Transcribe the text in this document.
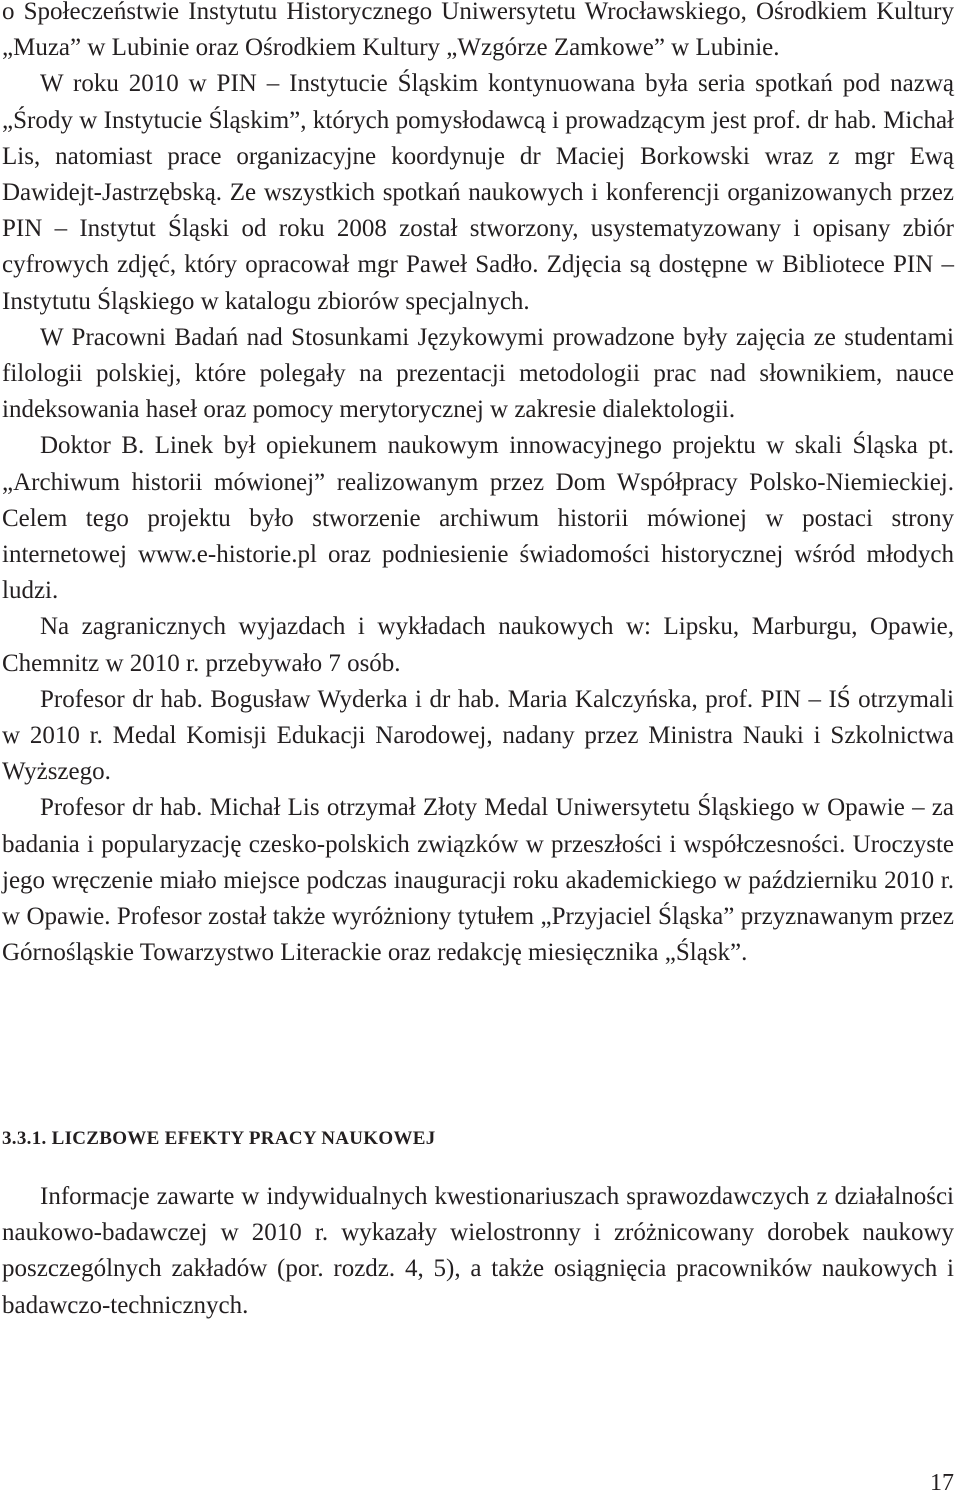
o Społeczeństwie Instytutu Historycznego Uniwersytetu Wrocławskiego, Ośrodkiem Kultury „Muza” w Lubinie oraz Ośrodkiem Kultury „Wzgórze Zamkowe” w Lubinie.

W roku 2010 w PIN – Instytucie Śląskim kontynuowana była seria spotkań pod nazwą „Środy w Instytucie Śląskim”, których pomysłodawcą i prowadzącym jest prof. dr hab. Michał Lis, natomiast prace organizacyjne koordynuje dr Maciej Borkowski wraz z mgr Ewą Dawidejt-Jastrzębską. Ze wszystkich spotkań naukowych i konferencji organizowanych przez PIN – Instytut Śląski od roku 2008 został stworzony, usystematyzowany i opisany zbiór cyfrowych zdjęć, który opracował mgr Paweł Sadło. Zdjęcia są dostępne w Bibliotece PIN – Instytutu Śląskiego w katalogu zbiorów specjalnych.

W Pracowni Badań nad Stosunkami Językowymi prowadzone były zajęcia ze studentami filologii polskiej, które polegały na prezentacji metodologii prac nad słownikiem, nauce indeksowania haseł oraz pomocy merytorycznej w zakresie dialektologii.

Doktor B. Linek był opiekunem naukowym innowacyjnego projektu w skali Śląska pt. „Archiwum historii mówionej” realizowanym przez Dom Współpracy Polsko-Niemieckiej. Celem tego projektu było stworzenie archiwum historii mówionej w postaci strony internetowej www.e-historie.pl oraz podniesienie świadomości historycznej wśród młodych ludzi.

Na zagranicznych wyjazdach i wykładach naukowych w: Lipsku, Marburgu, Opawie, Chemnitz w 2010 r. przebywało 7 osób.

Profesor dr hab. Bogusław Wyderka i dr hab. Maria Kalczyńska, prof. PIN – IŚ otrzymali w 2010 r. Medal Komisji Edukacji Narodowej, nadany przez Ministra Nauki i Szkolnictwa Wyższego.

Profesor dr hab. Michał Lis otrzymał Złoty Medal Uniwersytetu Śląskiego w Opawie – za badania i popularyzację czesko-polskich związków w przeszłości i współczesności. Uroczyste jego wręczenie miało miejsce podczas inauguracji roku akademickiego w październiku 2010 r. w Opawie. Profesor został także wyróżniony tytułem „Przyjaciel Śląska” przyznawanym przez Górnośląskie Towarzystwo Literackie oraz redakcję miesięcznika „Śląsk”.

3.3.1. LICZBOWE EFEKTY PRACY NAUKOWEJ

Informacje zawarte w indywidualnych kwestionariuszach sprawozdawczych z działalności naukowo-badawczej w 2010 r. wykazały wielostronny i zróżnicowany dorobek naukowy poszczególnych zakładów (por. rozdz. 4, 5), a także osiągnięcia pracowników naukowych i badawczo-technicznych.

17
